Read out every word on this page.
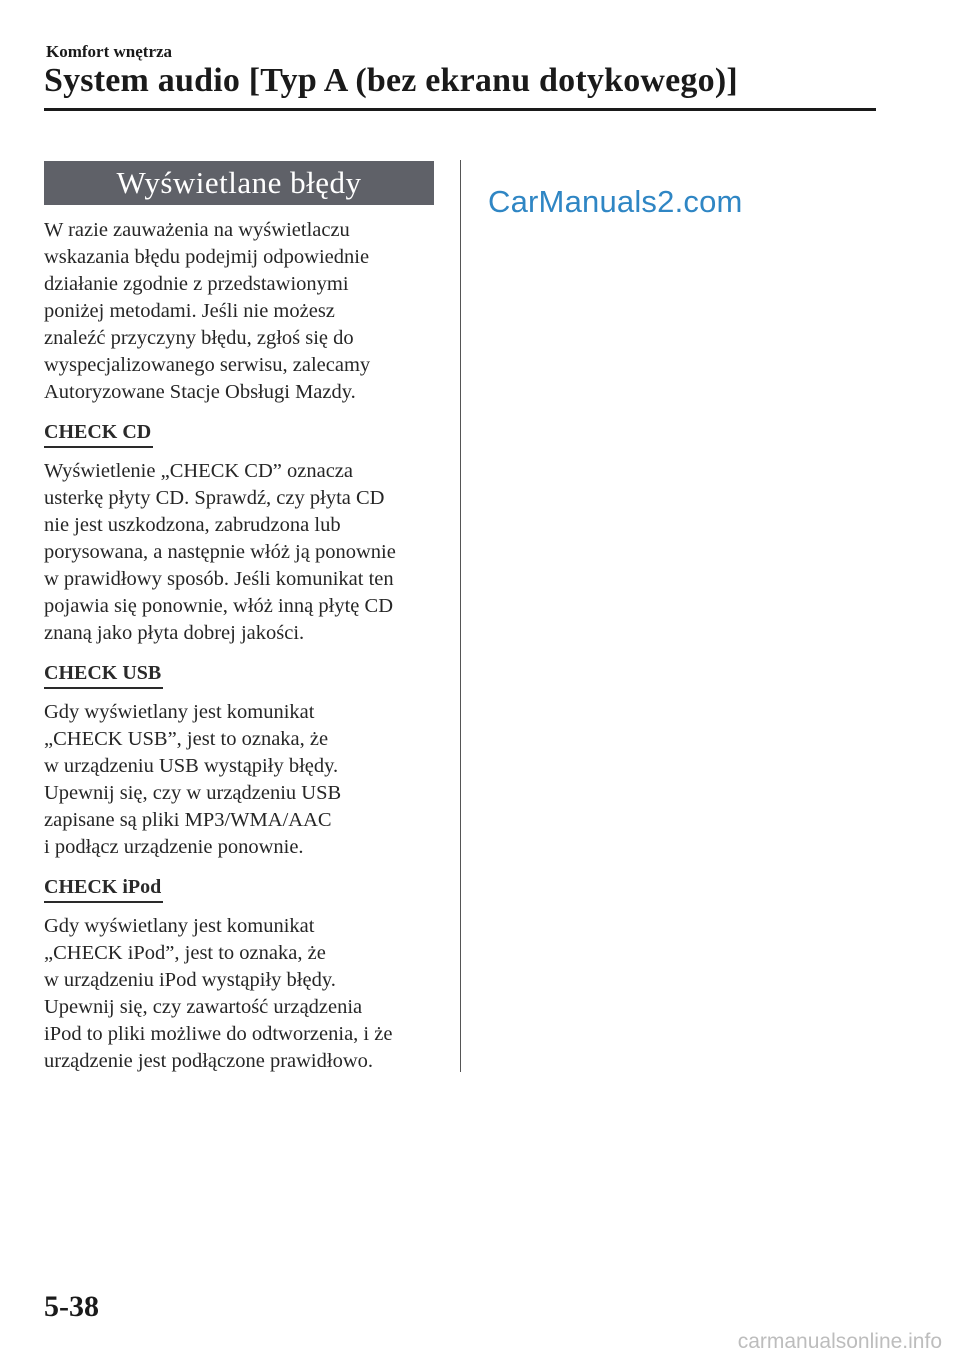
Komfort wnętrza
System audio [Typ A (bez ekranu dotykowego)]
Wyświetlane błędy

W razie zauważenia na wyświetlaczu

wskazania błędu podejmij odpowiednie

działanie zgodnie z przedstawionymi

poniżej metodami. Jeśli nie możesz

znaleźć przyczyny błędu, zgłoś się do

wyspecjalizowanego serwisu, zalecamy

Autoryzowane Stacje Obsługi Mazdy.

CHECK CD

Wyświetlenie „CHECK CD” oznacza

usterkę płyty CD. Sprawdź, czy płyta CD

nie jest uszkodzona, zabrudzona lub

porysowana, a następnie włóż ją ponownie

w prawidłowy sposób. Jeśli komunikat ten

pojawia się ponownie, włóż inną płytę CD

znaną jako płyta dobrej jakości.

CHECK USB

Gdy wyświetlany jest komunikat

„CHECK USB”, jest to oznaka, że

w urządzeniu USB wystąpiły błędy.

Upewnij się, czy w urządzeniu USB

zapisane są pliki MP3/WMA/AAC

i podłącz urządzenie ponownie.

CHECK iPod

Gdy wyświetlany jest komunikat

„CHECK iPod”, jest to oznaka, że

w urządzeniu iPod wystąpiły błędy.

Upewnij się, czy zawartość urządzenia

iPod to pliki możliwe do odtworzenia, i że

urządzenie jest podłączone prawidłowo.

CarManuals2.com
5-38
carmanualsonline.info
